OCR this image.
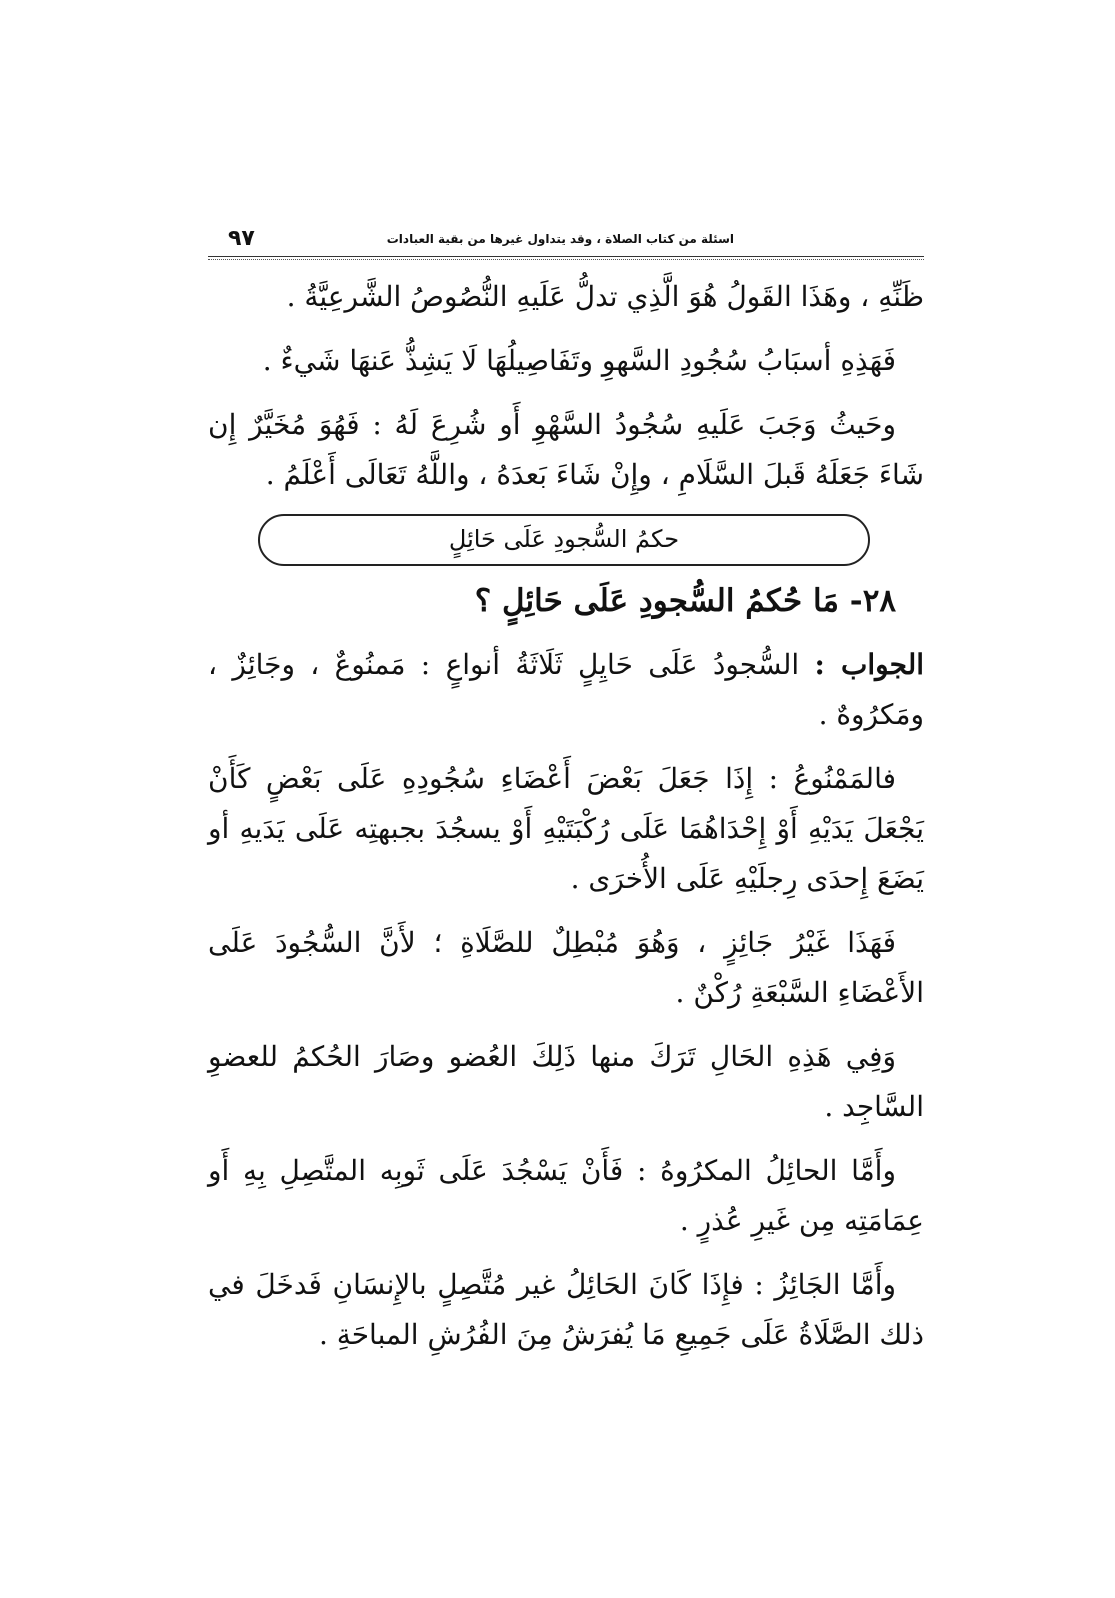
٩٧	اسئلة من كتاب الصلاة ، وقد يتداول غيرها من بقية العبادات

ظَنِّهِ ، وهَذَا القَولُ هُوَ الَّذِي تدلُّ عَلَيهِ النُّصُوصُ الشَّرعِيَّةُ .

فَهَذِهِ أسبَابُ سُجُودِ السَّهوِ وتَفَاصِيلُهَا لَا يَشِذُّ عَنهَا شَيءٌ .

وحَيثُ وَجَبَ عَلَيهِ سُجُودُ السَّهْوِ أَو شُرِعَ لَهُ : فَهُوَ مُخَيَّرٌ إِن شَاءَ جَعَلَهُ قَبلَ السَّلَامِ ، وإِنْ شَاءَ بَعدَهُ ، واللَّهُ تَعَالَى أَعْلَمُ .

حكمُ السُّجودِ عَلَى حَائِلٍ

٢٨- مَا حُكمُ السُّجودِ عَلَى حَائِلٍ ؟

الجواب : السُّجودُ عَلَى حَايِلٍ ثَلَاثَةُ أنواعٍ : مَمنُوعٌ ، وجَائِزٌ ، ومَكرُوهٌ .

فالمَمْنُوعُ : إِذَا جَعَلَ بَعْضَ أَعْضَاءِ سُجُودِهِ عَلَى بَعْضٍ كَأَنْ يَجْعَلَ يَدَيْهِ أَوْ إِحْدَاهُمَا عَلَى رُكْبَتَيْهِ أَوْ يسجُدَ بجبهتِه عَلَى يَدَيهِ أو يَضَعَ إِحدَى رِجلَيْهِ عَلَى الأُخرَى .

فَهَذَا غَيْرُ جَائِزٍ ، وَهُوَ مُبْطِلٌ للصَّلَاةِ ؛ لأَنَّ السُّجُودَ عَلَى الأَعْضَاءِ السَّبْعَةِ رُكْنٌ .

وَفِي هَذِهِ الحَالِ تَرَكَ منها ذَلِكَ العُضو وصَارَ الحُكمُ للعضوِ السَّاجِد .

وأَمَّا الحائِلُ المكرُوهُ : فَأَنْ يَسْجُدَ عَلَى ثَوبِه المتَّصِلِ بِهِ أَو عِمَامَتِه مِن غَيرِ عُذرٍ .

وأَمَّا الجَائِزُ : فإِذَا كَانَ الحَائِلُ غير مُتَّصِلٍ بالإِنسَانِ فَدخَلَ في ذلك الصَّلَاةُ عَلَى جَمِيعِ مَا يُفرَشُ مِنَ الفُرُشِ المباحَةِ .
